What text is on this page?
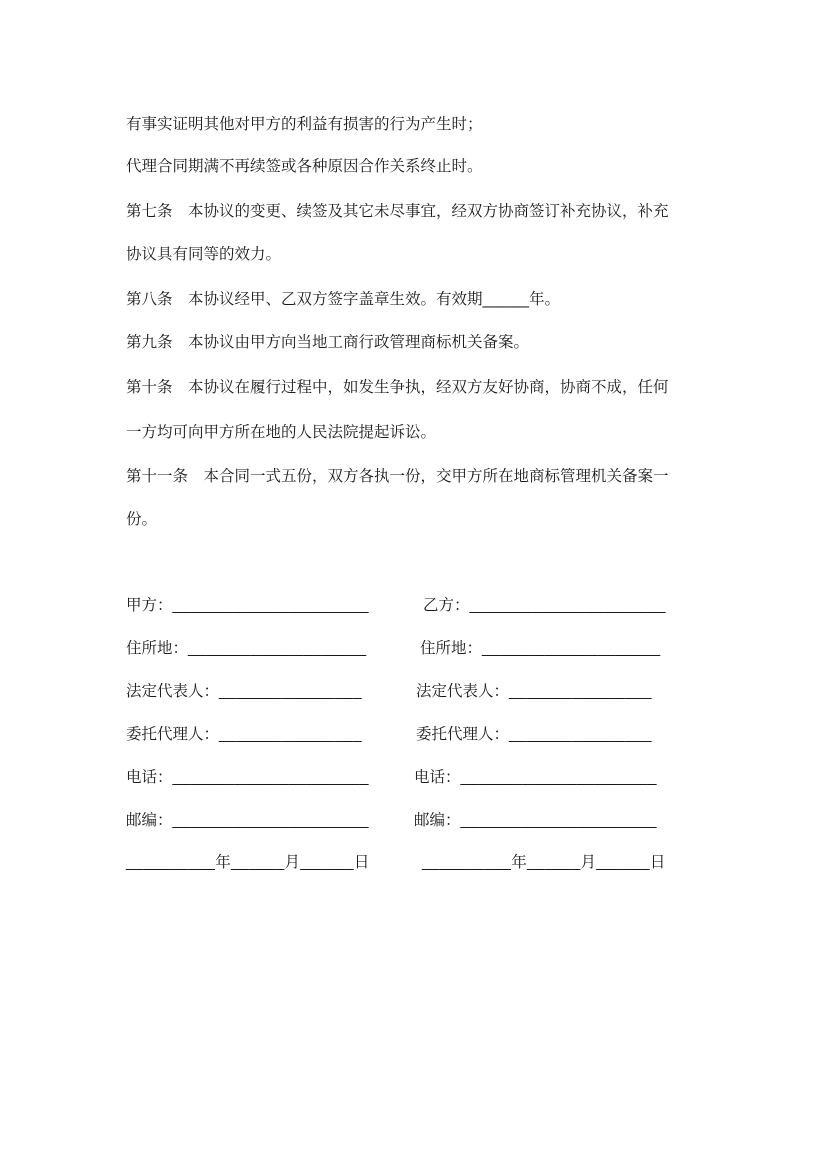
有事实证明其他对甲方的利益有损害的行为产生时；
代理合同期满不再续签或各种原因合作关系终止时。
第七条　本协议的变更、续签及其它未尽事宜，经双方协商签订补充协议，补充
协议具有同等的效力。
第八条　本协议经甲、乙双方签字盖章生效。有效期______年。
第九条　本协议由甲方向当地工商行政管理商标机关备案。
第十条　本协议在履行过程中，如发生争执，经双方友好协商，协商不成，任何
一方均可向甲方所在地的人民法院提起诉讼。
第十一条　本合同一式五份，双方各执一份，交甲方所在地商标管理机关备案一
份。
甲方：______________________
住所地：____________________
法定代表人：________________
委托代理人：________________
电话：______________________
邮编：______________________
__________年______月______日
乙方：______________________
住所地：____________________
法定代表人：________________
委托代理人：________________
电话：______________________
邮编：______________________
__________年______月______日
